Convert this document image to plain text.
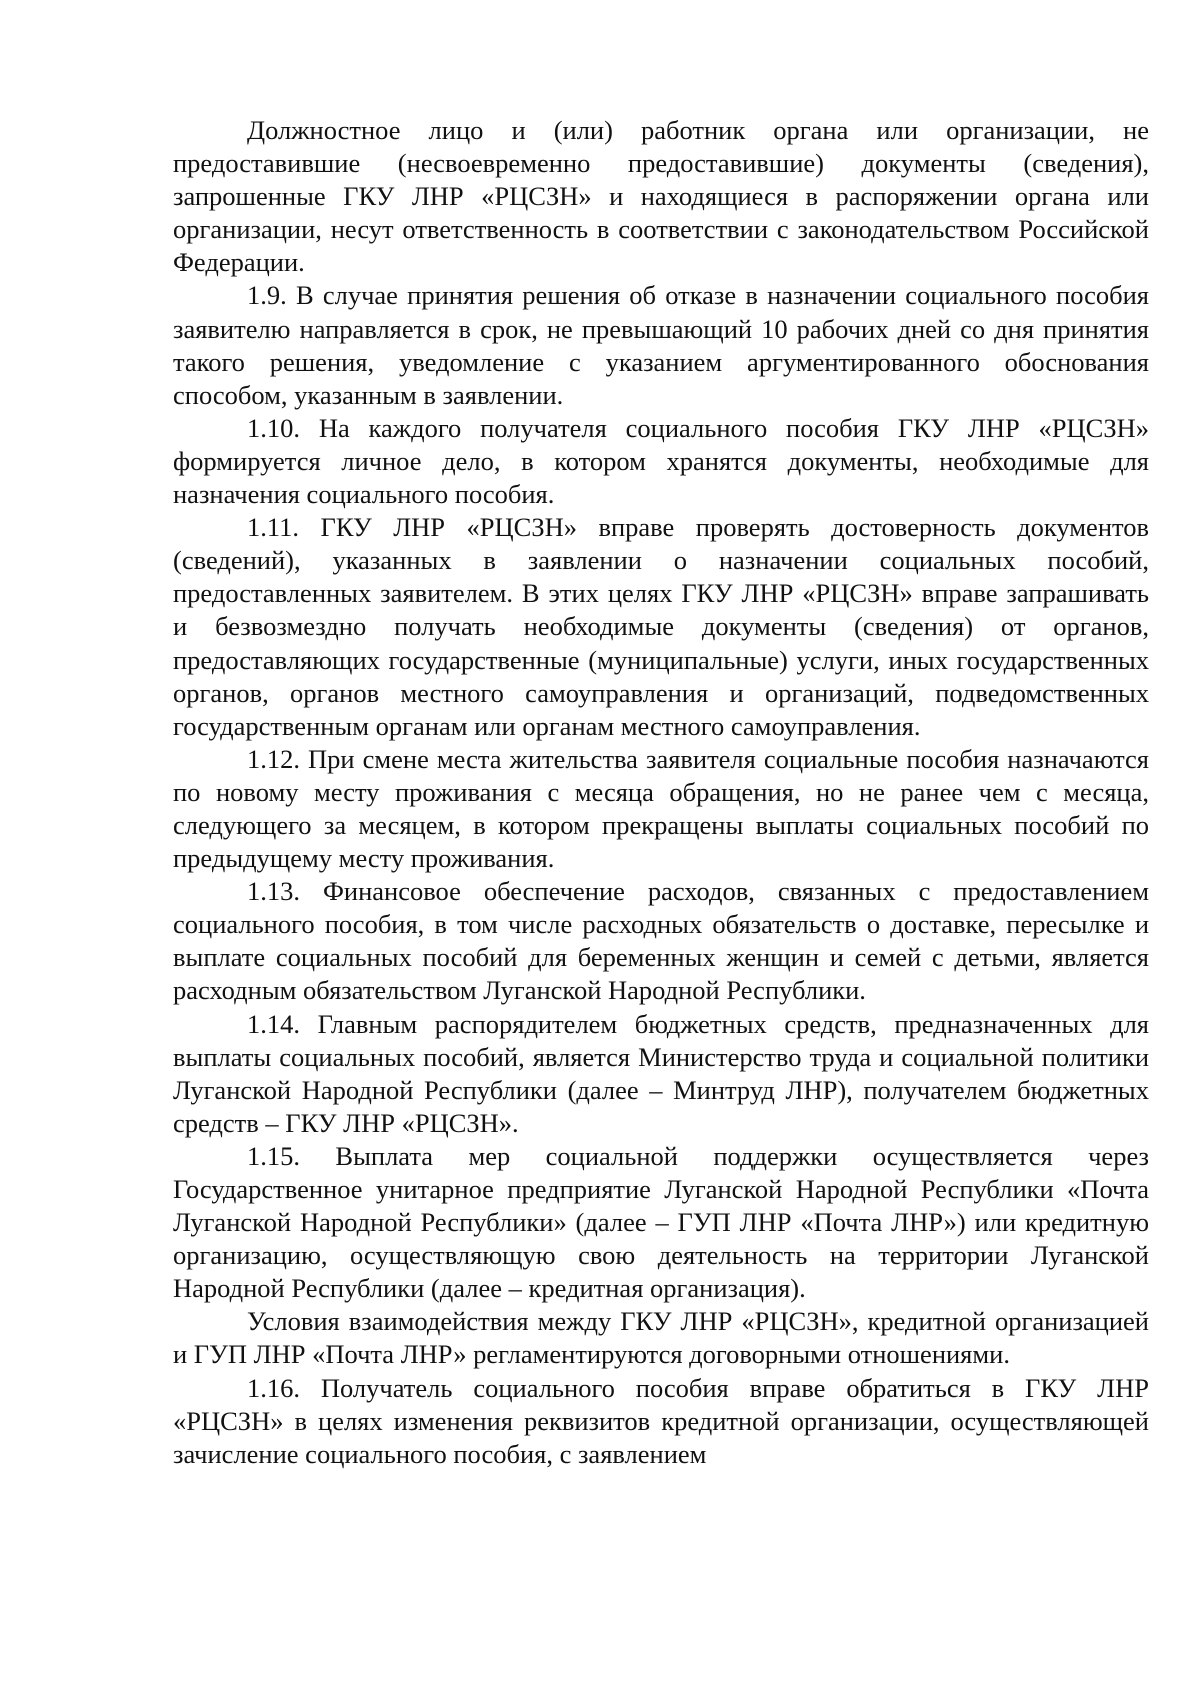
Должностное лицо и (или) работник органа или организации, не предоставившие (несвоевременно предоставившие) документы (сведения), запрошенные ГКУ ЛНР «РЦСЗН» и находящиеся в распоряжении органа или организации, несут ответственность в соответствии с законодательством Российской Федерации.

1.9. В случае принятия решения об отказе в назначении социального пособия заявителю направляется в срок, не превышающий 10 рабочих дней со дня принятия такого решения, уведомление с указанием аргументированного обоснования способом, указанным в заявлении.

1.10. На каждого получателя социального пособия ГКУ ЛНР «РЦСЗН» формируется личное дело, в котором хранятся документы, необходимые для назначения социального пособия.

1.11. ГКУ ЛНР «РЦСЗН» вправе проверять достоверность документов (сведений), указанных в заявлении о назначении социальных пособий, предоставленных заявителем. В этих целях ГКУ ЛНР «РЦСЗН» вправе запрашивать и безвозмездно получать необходимые документы (сведения) от органов, предоставляющих государственные (муниципальные) услуги, иных государственных органов, органов местного самоуправления и организаций, подведомственных государственным органам или органам местного самоуправления.

1.12. При смене места жительства заявителя социальные пособия назначаются по новому месту проживания с месяца обращения, но не ранее чем с месяца, следующего за месяцем, в котором прекращены выплаты социальных пособий по предыдущему месту проживания.

1.13. Финансовое обеспечение расходов, связанных с предоставлением социального пособия, в том числе расходных обязательств о доставке, пересылке и выплате социальных пособий для беременных женщин и семей с детьми, является расходным обязательством Луганской Народной Республики.

1.14. Главным распорядителем бюджетных средств, предназначенных для выплаты социальных пособий, является Министерство труда и социальной политики Луганской Народной Республики (далее – Минтруд ЛНР), получателем бюджетных средств – ГКУ ЛНР «РЦСЗН».

1.15. Выплата мер социальной поддержки осуществляется через Государственное унитарное предприятие Луганской Народной Республики «Почта Луганской Народной Республики» (далее – ГУП ЛНР «Почта ЛНР») или кредитную организацию, осуществляющую свою деятельность на территории Луганской Народной Республики (далее – кредитная организация).

Условия взаимодействия между ГКУ ЛНР «РЦСЗН», кредитной организацией и ГУП ЛНР «Почта ЛНР» регламентируются договорными отношениями.

1.16. Получатель социального пособия вправе обратиться в ГКУ ЛНР «РЦСЗН» в целях изменения реквизитов кредитной организации, осуществляющей зачисление социального пособия, с заявлением
